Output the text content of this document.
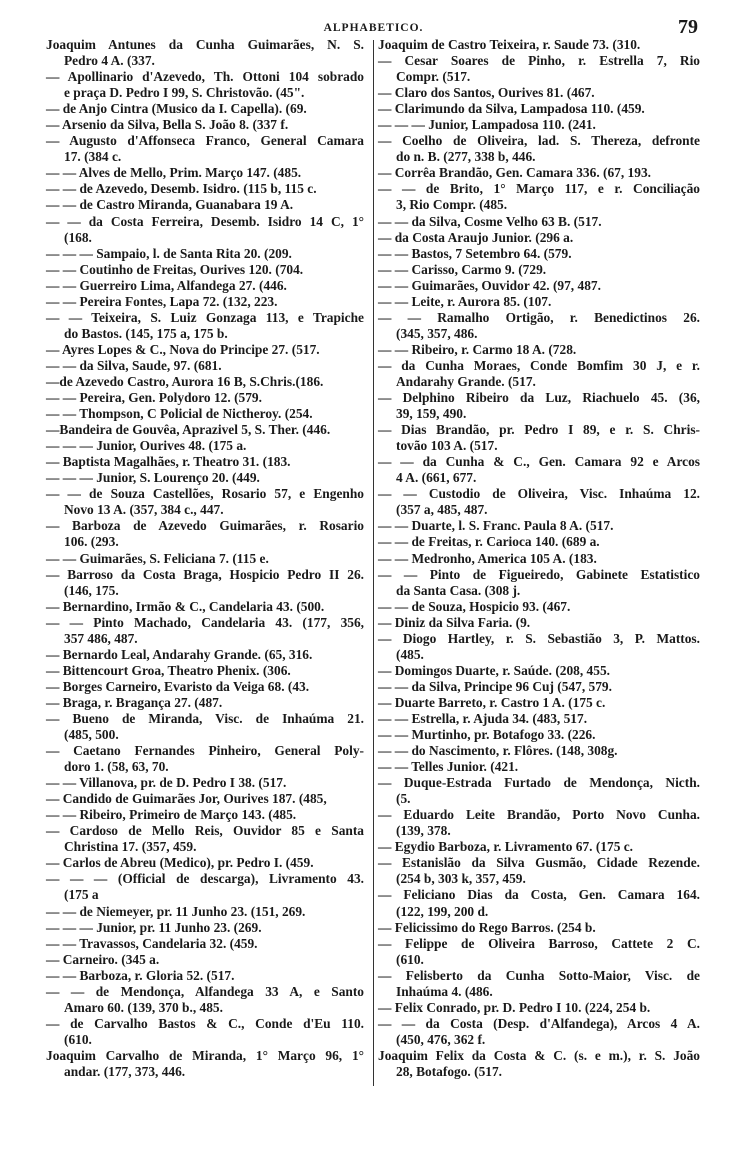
ALPHABETICO.	79
Joaquim Antunes da Cunha Guimarães, N. S.
Pedro 4 A. (337.
— Apollinario d'Azevedo, Th. Ottoni 104 sobrado
e praça D. Pedro I 99, S. Christovão. (45".
— de Anjo Cintra (Musico da I. Capella). (69.
— Arsenio da Silva, Bella S. João 8. (337 f.
— Augusto d'Affonseca Franco, General Camara
17. (384 c.
— — Alves de Mello, Prim. Março 147. (485.
— — de Azevedo, Desemb. Isidro. (115 b, 115 c.
— — de Castro Miranda, Guanabara 19 A.
— — da Costa Ferreira, Desemb. Isidro 14 C, 1°
(168.
— — — Sampaio, l. de Santa Rita 20. (209.
— — Coutinho de Freitas, Ourives 120. (704.
— — Guerreiro Lima, Alfandega 27. (446.
— — Pereira Fontes, Lapa 72. (132, 223.
— — Teixeira, S. Luiz Gonzaga 113, e Trapiche
do Bastos. (145, 175 a, 175 b.
— Ayres Lopes & C., Nova do Principe 27. (517.
— — da Silva, Saude, 97. (681.
—de Azevedo Castro, Aurora 16 B, S.Chris.(186.
— — Pereira, Gen. Polydoro 12. (579.
— — Thompson, C Policial de Nictheroy. (254.
—Bandeira de Gouvêa, Aprazivel 5, S. Ther. (446.
— — — Junior, Ourives 48. (175 a.
— Baptista Magalhães, r. Theatro 31. (183.
— — — Junior, S. Lourenço 20. (449.
— — de Souza Castellões, Rosario 57, e Engenho
Novo 13 A. (357, 384 c., 447.
— Barboza de Azevedo Guimarães, r. Rosario
106. (293.
— — Guimarães, S. Feliciana 7. (115 e.
— Barroso da Costa Braga, Hospicio Pedro II 26.
(146, 175.
— Bernardino, Irmão & C., Candelaria 43. (500.
— — Pinto Machado, Candelaria 43. (177, 356,
357 486, 487.
— Bernardo Leal, Andarahy Grande. (65, 316.
— Bittencourt Groa, Theatro Phenix. (306.
— Borges Carneiro, Evaristo da Veiga 68. (43.
— Braga, r. Bragança 27. (487.
— Bueno de Miranda, Visc. de Inhaúma 21.
(485, 500.
— Caetano Fernandes Pinheiro, General Poly-
doro 1. (58, 63, 70.
— — Villanova, pr. de D. Pedro I 38. (517.
— Candido de Guimarães Jor, Ourives 187. (485,
— — Ribeiro, Primeiro de Março 143. (485.
— Cardoso de Mello Reis, Ouvidor 85 e Santa
Christina 17. (357, 459.
— Carlos de Abreu (Medico), pr. Pedro I. (459.
— — — (Official de descarga), Livramento 43.
(175 a
— — de Niemeyer, pr. 11 Junho 23. (151, 269.
— — — Junior, pr. 11 Junho 23. (269.
— — Travassos, Candelaria 32. (459.
— Carneiro. (345 a.
— — Barboza, r. Gloria 52. (517.
— — de Mendonça, Alfandega 33 A, e Santo
Amaro 60. (139, 370 b., 485.
— de Carvalho Bastos & C., Conde d'Eu 110.
(610.
Joaquim Carvalho de Miranda, 1° Março 96, 1°
andar. (177, 373, 446.
Joaquim de Castro Teixeira, r. Saude 73. (310.
— Cesar Soares de Pinho, r. Estrella 7, Rio
Compr. (517.
— Claro dos Santos, Ourives 81. (467.
— Clarimundo da Silva, Lampadosa 110. (459.
— — — Junior, Lampadosa 110. (241.
— Coelho de Oliveira, lad. S. Thereza, defronte
do n. B. (277, 338 b, 446.
— Corrêa Brandão, Gen. Camara 336. (67, 193.
— — de Brito, 1° Março 117, e r. Conciliação
3, Rio Compr. (485.
— — da Silva, Cosme Velho 63 B. (517.
— da Costa Araujo Junior. (296 a.
— — Bastos, 7 Setembro 64. (579.
— — Carisso, Carmo 9. (729.
— — Guimarães, Ouvidor 42. (97, 487.
— — Leite, r. Aurora 85. (107.
— — Ramalho Ortigão, r. Benedictinos 26.
(345, 357, 486.
— — Ribeiro, r. Carmo 18 A. (728.
— da Cunha Moraes, Conde Bomfim 30 J, e r.
Andarahy Grande. (517.
— Delphino Ribeiro da Luz, Riachuelo 45. (36,
39, 159, 490.
— Dias Brandão, pr. Pedro I 89, e r. S. Chris-
tovão 103 A. (517.
— — da Cunha & C., Gen. Camara 92 e Arcos
4 A. (661, 677.
— — Custodio de Oliveira, Visc. Inhaúma 12.
(357 a, 485, 487.
— — Duarte, l. S. Franc. Paula 8 A. (517.
— — de Freitas, r. Carioca 140. (689 a.
— — Medronho, America 105 A. (183.
— — Pinto de Figueiredo, Gabinete Estatistico
da Santa Casa. (308 j.
— — de Souza, Hospicio 93. (467.
— Diniz da Silva Faria. (9.
— Diogo Hartley, r. S. Sebastião 3, P. Mattos.
(485.
— Domingos Duarte, r. Saúde. (208, 455.
— — da Silva, Principe 96 Cuj (547, 579.
— Duarte Barreto, r. Castro 1 A. (175 c.
— — Estrella, r. Ajuda 34. (483, 517.
— — Murtinho, pr. Botafogo 33. (226.
— — do Nascimento, r. Flôres. (148, 308g.
— — Telles Junior. (421.
— Duque-Estrada Furtado de Mendonça, Nicth.
(5.
— Eduardo Leite Brandão, Porto Novo Cunha.
(139, 378.
— Egydio Barboza, r. Livramento 67. (175 c.
— Estanislão da Silva Gusmão, Cidade Rezende.
(254 b, 303 k, 357, 459.
— Feliciano Dias da Costa, Gen. Camara 164.
(122, 199, 200 d.
— Felicissimo do Rego Barros. (254 b.
— Felippe de Oliveira Barroso, Cattete 2 C.
(610.
— Felisberto da Cunha Sotto-Maior, Visc. de
Inhaúma 4. (486.
— Felix Conrado, pr. D. Pedro I 10. (224, 254 b.
— — da Costa (Desp. d'Alfandega), Arcos 4 A.
(450, 476, 362 f.
Joaquim Felix da Costa & C. (s. e m.), r. S. João
28, Botafogo. (517.
